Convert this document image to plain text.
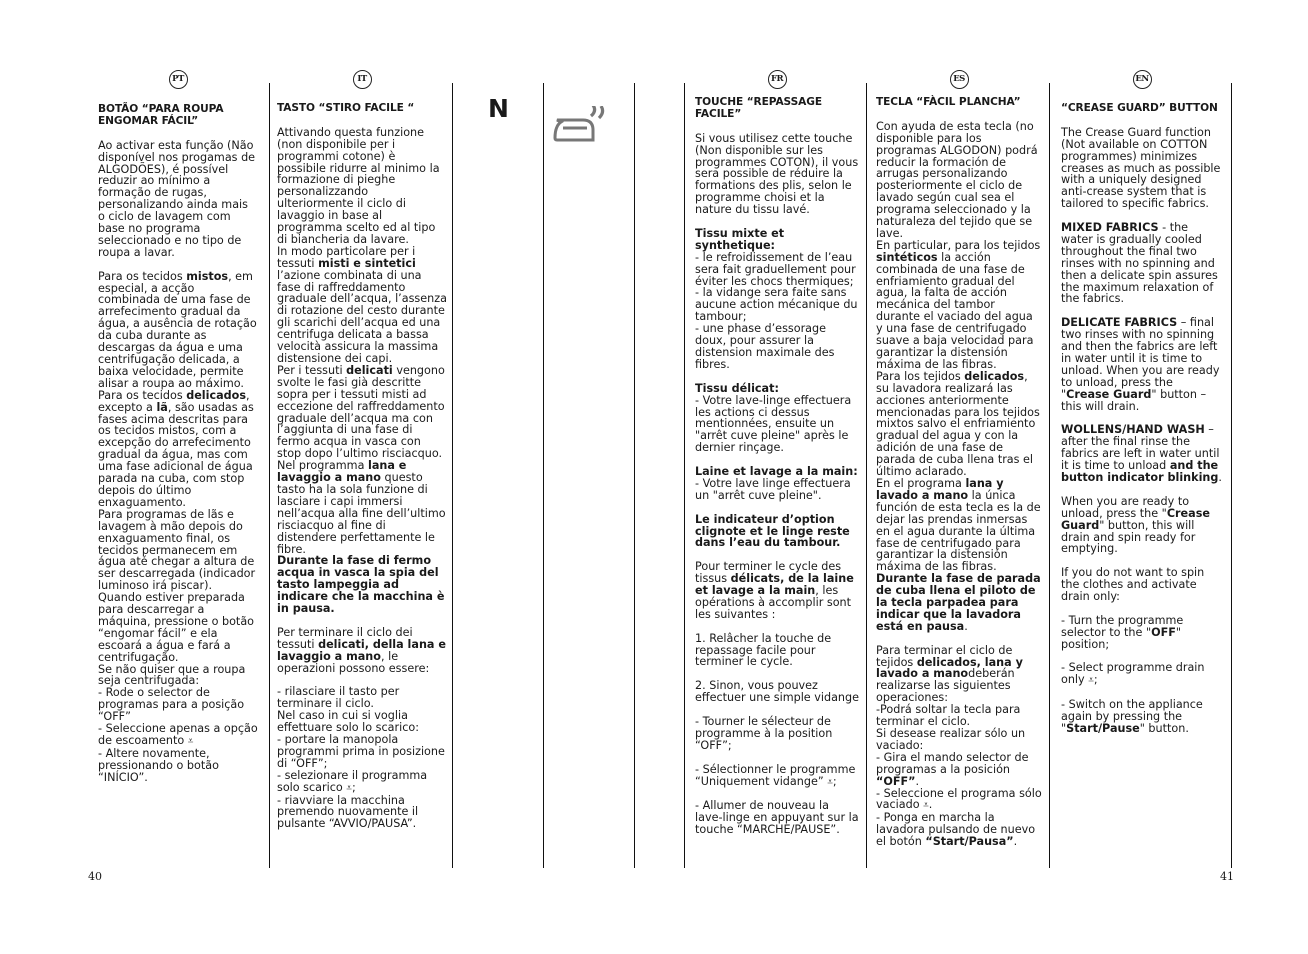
N
PT

BOTÃO “PARA ROUPA
ENGOMAR FÁCIL”

Ao activar esta função (Não disponível nos progamas de ALGODÕES), é possível reduzir ao mínimo a formação de rugas, personalizando ainda mais o ciclo de lavagem com base no programa seleccionado e no tipo de roupa a lavar.

Para os tecidos mistos, em especial, a acção combinada de uma fase de arrefecimento gradual da água, a ausência de rotação da cuba durante as descargas da água e uma centrifugação delicada, a baixa velocidade, permite alisar a roupa ao máximo.

Para os tecidos delicados, excepto a lã, são usadas as fases acima descritas para os tecidos mistos, com a excepção do arrefecimento gradual da água, mas com uma fase adicional de água parada na cuba, com stop depois do último enxaguamento.

Para programas de lãs e lavagem à mão depois do enxaguamento final, os tecidos permanecem em água até chegar a altura de ser descarregada (indicador luminoso irá piscar).

Quando estiver preparada para descarregar a máquina, pressione o botão “engomar fácil” e ela escoará a água e fará a centrifugação.

Se não quiser que a roupa seja centrifugada:

- Rode o selector de programas para a posição “OFF”

- Seleccione apenas a opção de escoamento ⩡

- Altere novamente, pressionando o botão “INÍCIO”.

IT

TASTO “STIRO FACILE “

Attivando questa funzione (non disponibile per i programmi cotone) è possibile ridurre al minimo la formazione di pieghe personalizzando ulteriormente il ciclo di lavaggio in base al programma scelto ed al tipo di biancheria da lavare.

In modo particolare per i tessuti misti e sintetici l’azione combinata di una fase di raffreddamento graduale dell’acqua, l’assenza di rotazione del cesto durante gli scarichi dell’acqua ed una centrifuga delicata a bassa velocità assicura la massima distensione dei capi.

Per i tessuti delicati vengono svolte le fasi già descritte sopra per i tessuti misti ad eccezione del raffreddamento graduale dell’acqua ma con l’aggiunta di una fase di fermo acqua in vasca con stop dopo l’ultimo risciacquo.

Nel programma lana e lavaggio a mano questo tasto ha la sola funzione di lasciare i capi immersi nell’acqua alla fine dell’ultimo risciacquo al fine di distendere perfettamente le fibre.

Durante la fase di fermo acqua in vasca la spia del tasto lampeggia ad indicare che la macchina è in pausa.

Per terminare il ciclo dei tessuti delicati, della lana e lavaggio a mano, le operazioni possono essere:

- rilasciare il tasto per terminare il ciclo.

Nel caso in cui si voglia effettuare solo lo scarico:

- portare la manopola programmi prima in posizione di “OFF”;

- selezionare il programma solo scarico ⩡;

- riavviare la macchina premendo nuovamente il pulsante “AVVIO/PAUSA”.

FR

TOUCHE “REPASSAGE FACILE”

Si vous utilisez cette touche (Non disponible sur les programmes COTON), il vous sera possible de réduire la formations des plis, selon le programme choisi et la nature du tissu lavé.

Tissu mixte et synthetique:

- le refroidissement de l’eau sera fait graduellement pour éviter les chocs thermiques;

- la vidange sera faite sans aucune action mécanique du tambour;

- une phase d’essorage doux, pour assurer la distension maximale des fibres.

Tissu délicat:

- Votre lave-linge effectuera les actions ci dessus mentionnées, ensuite un "arrêt cuve pleine" après le dernier rinçage.

Laine et lavage a la main:

- Votre lave linge effectuera un "arrêt cuve pleine".

Le indicateur d’option clignote et le linge reste dans l’eau du tambour.

Pour terminer le cycle des tissus délicats, de la laine et lavage a la main, les opérations à accomplir sont les suivantes :

1. Relâcher la touche de repassage facile pour terminer le cycle.

2. Sinon, vous pouvez effectuer une simple vidange

- Tourner le sélecteur de programme à la position “OFF”;

- Sélectionner le programme “Uniquement vidange” ⩡;

- Allumer de nouveau la lave-linge en appuyant sur la touche “MARCHE/PAUSE”.

ES

TECLA “FÀCIL PLANCHA”

Con ayuda de esta tecla (no disponible para los programas ALGODON) podrá reducir la formación de arrugas personalizando posteriormente el ciclo de lavado según cual sea el programa seleccionado y la naturaleza del tejido que se lave.

En particular, para los tejidos sintéticos la acción combinada de una fase de enfriamiento gradual del agua, la falta de acción mecánica del tambor durante el vaciado del agua y una fase de centrifugado suave a baja velocidad para garantizar la distensión máxima de las fibras.

Para los tejidos delicados, su lavadora realizará las acciones anteriormente mencionadas para los tejidos mixtos salvo el enfriamiento gradual del agua y con la adición de una fase de parada de cuba llena tras el último aclarado.

En el programa lana y lavado a mano la única función de esta tecla es la de dejar las prendas inmersas en el agua durante la última fase de centrifugado para garantizar la distensión máxima de las fibras. Durante la fase de parada de cuba llena el piloto de la tecla parpadea para indicar que la lavadora está en pausa.

Para terminar el ciclo de tejidos delicados, lana y lavado a manodeberán realizarse las siguientes operaciones:

-Podrá soltar la tecla para terminar el ciclo.

Si desease realizar sólo un vaciado:

- Gira el mando selector de programas a la posición “OFF”.

- Seleccione el programa sólo vaciado ⩡.

- Ponga en marcha la lavadora pulsando de nuevo el botón “Start/Pausa”.

EN

“CREASE GUARD” BUTTON

The Crease Guard function (Not available on COTTON programmes) minimizes creases as much as possible with a uniquely designed anti-crease system that is tailored to specific fabrics.

MIXED FABRICS - the water is gradually cooled throughout the final two rinses with no spinning and then a delicate spin assures the maximum relaxation of the fabrics.

DELICATE FABRICS – final two rinses with no spinning and then the fabrics are left in water until it is time to unload. When you are ready to unload, press the "Crease Guard" button – this will drain.

WOLLENS/HAND WASH – after the final rinse the fabrics are left in water until it is time to unload and the button indicator blinking.

When you are ready to unload, press the "Crease Guard" button, this will drain and spin ready for emptying.

If you do not want to spin the clothes and activate drain only:

- Turn the programme selector to the "OFF" position;

- Select programme drain only ⩡;

- Switch on the appliance again by pressing the "Start/Pause" button.

40	41
